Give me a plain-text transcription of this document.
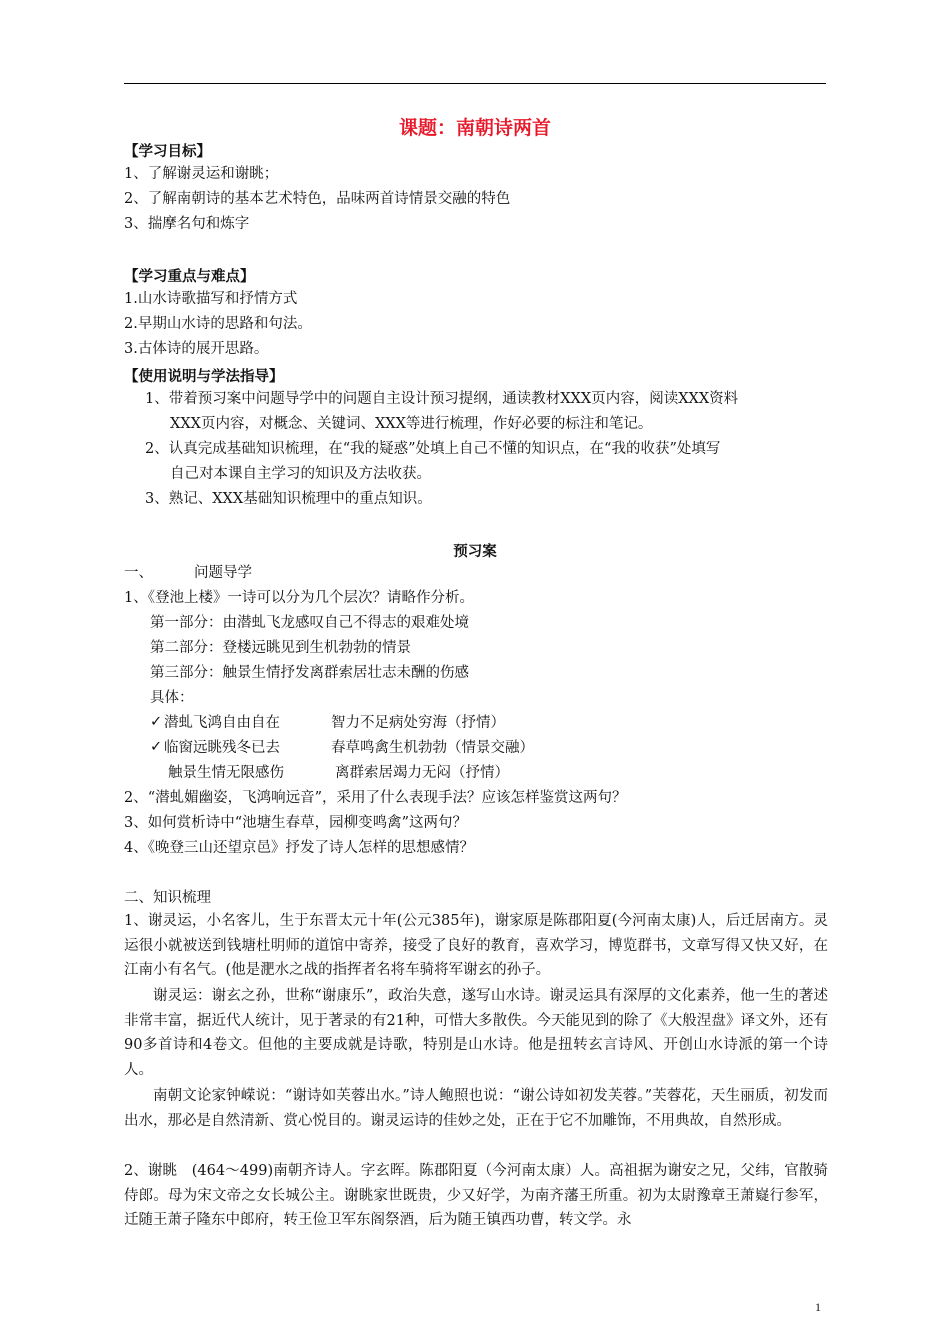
课题：南朝诗两首
【学习目标】
1、了解谢灵运和谢眺；
2、了解南朝诗的基本艺术特色，品味两首诗情景交融的特色
3、揣摩名句和炼字
【学习重点与难点】
1.山水诗歌描写和抒情方式
2.早期山水诗的思路和句法。
3.古体诗的展开思路。
【使用说明与学法指导】
1、带着预习案中问题导学中的问题自主设计预习提纲，通读教材XXX页内容，阅读XXX资料
XXX页内容，对概念、关键词、XXX等进行梳理，作好必要的标注和笔记。
2、认真完成基础知识梳理，在“我的疑惑”处填上自己不懂的知识点，在“我的收获”处填写
自己对本课自主学习的知识及方法收获。
3、熟记、XXX基础知识梳理中的重点知识。
预习案
一、	问题导学
1、《登池上楼》一诗可以分为几个层次？请略作分析。
第一部分：由潜虬飞龙感叹自己不得志的艰难处境
第二部分：登楼远眺见到生机勃勃的情景
第三部分：触景生情抒发离群索居壮志未酬的伤感
具体：
✓ 潜虬飞鸿自由自在	智力不足病处穷海（抒情）
✓ 临窗远眺残冬已去	春草鸣禽生机勃勃（情景交融）
触景生情无限感伤	离群索居竭力无闷（抒情）
2、“潜虬媚幽姿，飞鸿响远音”，采用了什么表现手法？应该怎样鉴赏这两句？
3、如何赏析诗中“池塘生春草，园柳变鸣禽”这两句？
4、《晚登三山还望京邑》抒发了诗人怎样的思想感情？
二、知识梳理
1、谢灵运，小名客儿，生于东晋太元十年(公元385年)，谢家原是陈郡阳夏(今河南太康)人，后迁居南方。灵运很小就被送到钱塘杜明师的道馆中寄养，接受了良好的教育，喜欢学习，博览群书，文章写得又快又好，在江南小有名气。(他是淝水之战的指挥者名将车骑将军谢玄的孙子。
谢灵运：谢玄之孙，世称“谢康乐”，政治失意，遂写山水诗。谢灵运具有深厚的文化素养，他一生的著述非常丰富，据近代人统计，见于著录的有21种，可惜大多散佚。今天能见到的除了《大般涅盘》译文外，还有90多首诗和4卷文。但他的主要成就是诗歌，特别是山水诗。他是扭转玄言诗风、开创山水诗派的第一个诗人。
南朝文论家钟嵘说：“谢诗如芙蓉出水。”诗人鲍照也说：“谢公诗如初发芙蓉。”芙蓉花，天生丽质，初发而出水，那必是自然清新、赏心悦目的。谢灵运诗的佳妙之处，正在于它不加雕饰，不用典故，自然形成。
2、谢眺　(464～499)南朝齐诗人。字玄晖。陈郡阳夏（今河南太康）人。高祖据为谢安之兄，父纬，官散骑侍郎。母为宋文帝之女长城公主。谢眺家世既贵，少又好学，为南齐藩王所重。初为太尉豫章王萧嶷行参军，迁随王萧子隆东中郎府，转王俭卫军东阁祭酒，后为随王镇西功曹，转文学。永
1
